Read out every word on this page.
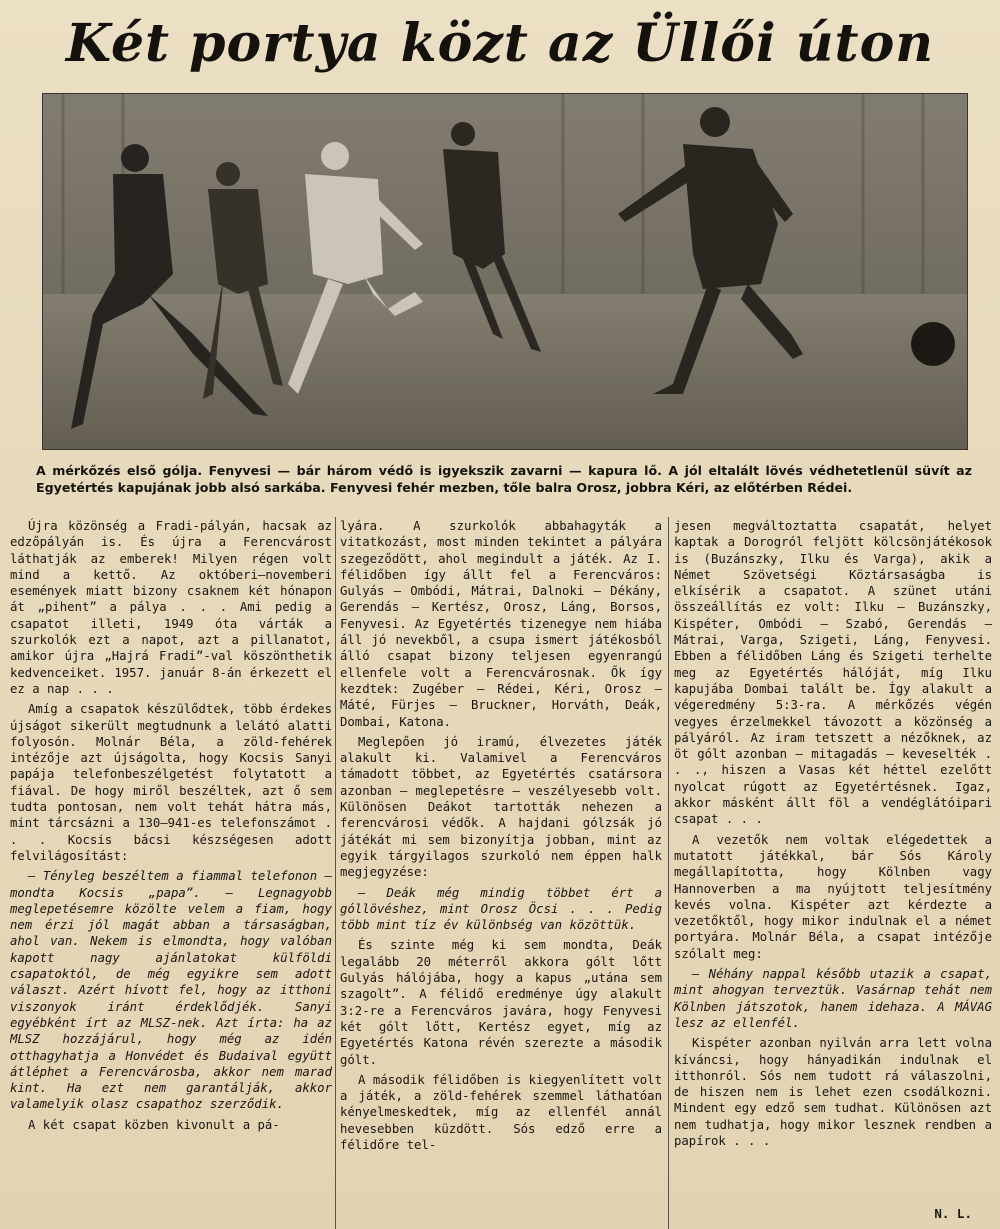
Két portya közt az Üllői úton
A mérkőzés első gólja. Fenyvesi — bár három védő is igyekszik zavarni — kapura lő. A jól eltalált lövés védhetetlenül süvít az Egyetértés kapujának jobb alsó sarkába. Fenyvesi fehér mezben, tőle balra Orosz, jobbra Kéri, az előtérben Rédei.

Újra közönség a Fradi-pályán, hacsak az edzőpályán is. És újra a Ferencvárost láthatják az emberek! Milyen régen volt mind a kettő. Az októberi—novemberi események miatt bizony csaknem két hónapon át „pihent” a pálya . . . Ami pedig a csapatot illeti, 1949 óta várták a szurkolók ezt a napot, azt a pillanatot, amikor újra „Hajrá Fradi”-val köszönthetik kedvenceiket. 1957. január 8-án érkezett el ez a nap . . .

Amíg a csapatok készülődtek, több érdekes újságot sikerült megtudnunk a lelátó alatti folyosón. Molnár Béla, a zöld-fehérek intézője azt újságolta, hogy Kocsis Sanyi papája telefonbeszélgetést folytatott a fiával. De hogy miről beszéltek, azt ő sem tudta pontosan, nem volt tehát hátra más, mint tárcsázni a 130—941-es telefonszámot . . . Kocsis bácsi készségesen adott felvilágosítást:

— Tényleg beszéltem a fiammal telefonon — mondta Kocsis „papa”. — Legnagyobb meglepetésemre közölte velem a fiam, hogy nem érzi jól magát abban a társaságban, ahol van. Nekem is elmondta, hogy valóban kapott nagy ajánlatokat külföldi csapatoktól, de még egyikre sem adott választ. Azért hívott fel, hogy az itthoni viszonyok iránt érdeklődjék. Sanyi egyébként írt az MLSZ-nek. Azt írta: ha az MLSZ hozzájárul, hogy még az idén otthagyhatja a Honvédet és Budaival együtt átléphet a Ferencvárosba, akkor nem marad kint. Ha ezt nem garantálják, akkor valamelyik olasz csapathoz szerződik.

A két csapat közben kivonult a pá-

lyára. A szurkolók abbahagyták a vitatkozást, most minden tekintet a pályára szegeződött, ahol megindult a játék. Az I. félidőben így állt fel a Ferencváros: Gulyás — Ombódi, Mátrai, Dalnoki — Dékány, Gerendás — Kertész, Orosz, Láng, Borsos, Fenyvesi. Az Egyetértés tizenegye nem hiába áll jó nevekből, a csupa ismert játékosból álló csapat bizony teljesen egyenrangú ellenfele volt a Ferencvárosnak. Ők így kezdtek: Zugéber — Rédei, Kéri, Orosz — Máté, Fürjes — Bruckner, Horváth, Deák, Dombai, Katona.

Meglepően jó iramú, élvezetes játék alakult ki. Valamivel a Ferencváros támadott többet, az Egyetértés csatársora azonban — meglepetésre — veszélyesebb volt. Különösen Deákot tartották nehezen a ferencvárosi védők. A hajdani gólzsák jó játékát mi sem bizonyítja jobban, mint az egyik tárgyilagos szurkoló nem éppen halk megjegyzése:

— Deák még mindig többet ért a góllövéshez, mint Orosz Öcsi . . . Pedig több mint tíz év különbség van közöttük.

És szinte még ki sem mondta, Deák legalább 20 méterről akkora gólt lőtt Gulyás hálójába, hogy a kapus „utána sem szagolt”. A félidő eredménye úgy alakult 3:2-re a Ferencváros javára, hogy Fenyvesi két gólt lőtt, Kertész egyet, míg az Egyetértés Katona révén szerezte a második gólt.

A második félidőben is kiegyenlített volt a játék, a zöld-fehérek szemmel láthatóan kényelmeskedtek, míg az ellenfél annál hevesebben küzdött. Sós edző erre a félidőre tel-

jesen megváltoztatta csapatát, helyet kaptak a Dorogról feljött kölcsönjátékosok is (Buzánszky, Ilku és Varga), akik a Német Szövetségi Köztársaságba is elkísérik a csapatot. A szünet utáni összeállítás ez volt: Ilku — Buzánszky, Kispéter, Ombódi — Szabó, Gerendás — Mátrai, Varga, Szigeti, Láng, Fenyvesi. Ebben a félidőben Láng és Szigeti terhelte meg az Egyetértés hálóját, míg Ilku kapujába Dombai talált be. Így alakult a végeredmény 5:3-ra. A mérkőzés végén vegyes érzelmekkel távozott a közönség a pályáról. Az iram tetszett a nézőknek, az öt gólt azonban — mitagadás — keveselték . . ., hiszen a Vasas két héttel ezelőtt nyolcat rúgott az Egyetértésnek. Igaz, akkor másként állt föl a vendéglátóipari csapat . . .

A vezetők nem voltak elégedettek a mutatott játékkal, bár Sós Károly megállapította, hogy Kölnben vagy Hannoverben a ma nyújtott teljesítmény kevés volna. Kispéter azt kérdezte a vezetőktől, hogy mikor indulnak el a német portyára. Molnár Béla, a csapat intézője szólalt meg:

— Néhány nappal később utazik a csapat, mint ahogyan terveztük. Vasárnap tehát nem Kölnben játszotok, hanem idehaza. A MÁVAG lesz az ellenfél.

Kispéter azonban nyilván arra lett volna kíváncsi, hogy hányadikán indulnak el itthonról. Sós nem tudott rá válaszolni, de hiszen nem is lehet ezen csodálkozni. Mindent egy edző sem tudhat. Különösen azt nem tudhatja, hogy mikor lesznek rendben a papírok . . .

N. L.
